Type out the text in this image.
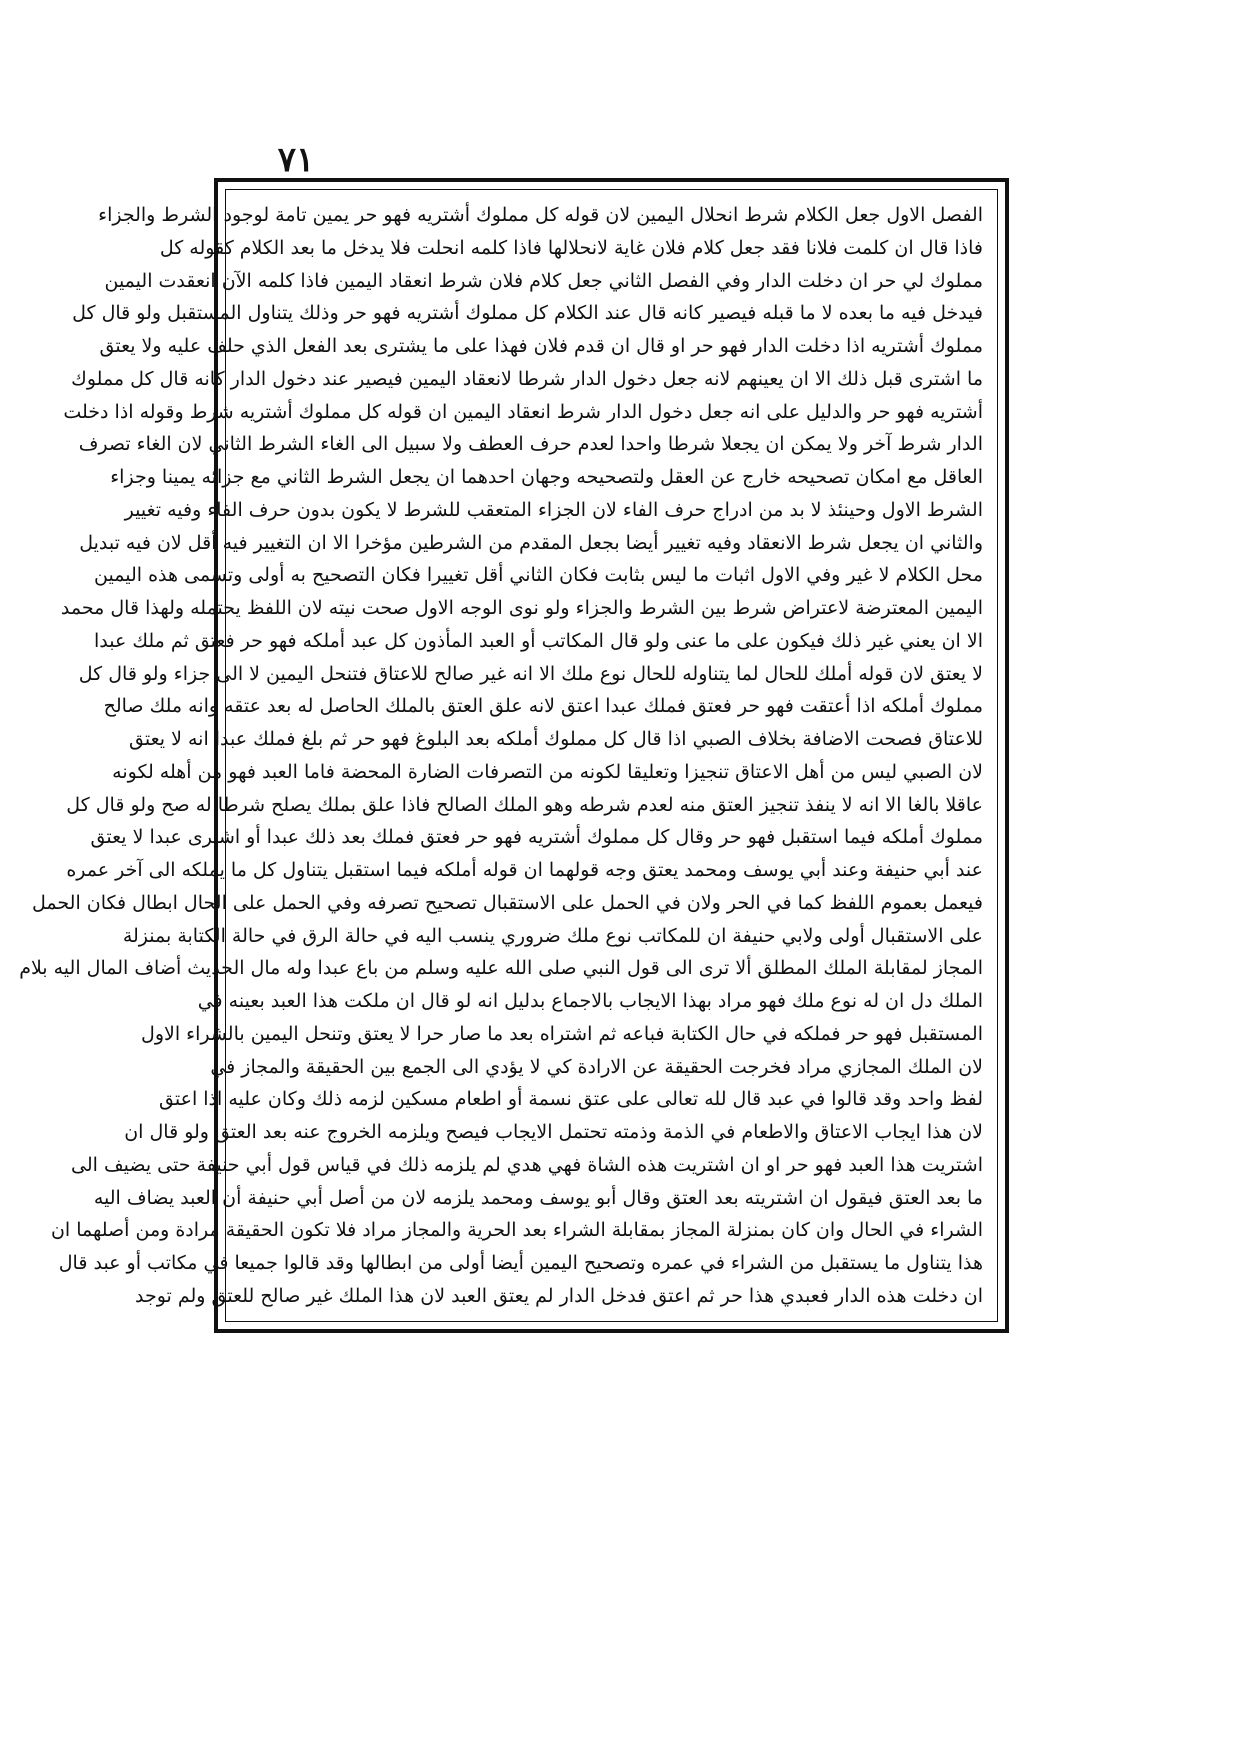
٧١
الفصل الاول جعل الكلام شرط انحلال اليمين لان قوله كل مملوك أشتريه فهو حر يمين تامة لوجود الشرط والجزاء
فاذا قال ان كلمت فلانا فقد جعل كلام فلان غاية لانحلالها فاذا كلمه انحلت فلا يدخل ما بعد الكلام كقوله كل
مملوك لي حر ان دخلت الدار وفي الفصل الثاني جعل كلام فلان شرط انعقاد اليمين فاذا كلمه الآن انعقدت اليمين
فيدخل فيه ما بعده لا ما قبله فيصير كانه قال عند الكلام كل مملوك أشتريه فهو حر وذلك يتناول المستقبل ولو قال كل
مملوك أشتريه اذا دخلت الدار فهو حر او قال ان قدم فلان فهذا على ما يشترى بعد الفعل الذي حلف عليه ولا يعتق
ما اشترى قبل ذلك الا ان يعينهم لانه جعل دخول الدار شرطا لانعقاد اليمين فيصير عند دخول الدار كانه قال كل مملوك
أشتريه فهو حر والدليل على انه جعل دخول الدار شرط انعقاد اليمين ان قوله كل مملوك أشتريه شرط وقوله اذا دخلت
الدار شرط آخر ولا يمكن ان يجعلا شرطا واحدا لعدم حرف العطف ولا سبيل الى الغاء الشرط الثاني لان الغاء تصرف
العاقل مع امكان تصحيحه خارج عن العقل ولتصحيحه وجهان احدهما ان يجعل الشرط الثاني مع جزائه يمينا وجزاء
الشرط الاول وحينئذ لا بد من ادراج حرف الفاء لان الجزاء المتعقب للشرط لا يكون بدون حرف الفاء وفيه تغيير
والثاني ان يجعل شرط الانعقاد وفيه تغيير أيضا بجعل المقدم من الشرطين مؤخرا الا ان التغيير فيه أقل لان فيه تبديل
محل الكلام لا غير وفي الاول اثبات ما ليس بثابت فكان الثاني أقل تغييرا فكان التصحيح به أولى وتسمى هذه اليمين
اليمين المعترضة لاعتراض شرط بين الشرط والجزاء ولو نوى الوجه الاول صحت نيته لان اللفظ يحتمله ولهذا قال محمد
الا ان يعني غير ذلك فيكون على ما عنى ولو قال المكاتب أو العبد المأذون كل عبد أملكه فهو حر فعتق ثم ملك عبدا
لا يعتق لان قوله أملك للحال لما يتناوله للحال نوع ملك الا انه غير صالح للاعتاق فتنحل اليمين لا الى جزاء ولو قال كل
مملوك أملكه اذا أعتقت فهو حر فعتق فملك عبدا اعتق لانه علق العتق بالملك الحاصل له بعد عتقه وانه ملك صالح
للاعتاق فصحت الاضافة بخلاف الصبي اذا قال كل مملوك أملكه بعد البلوغ فهو حر ثم بلغ فملك عبدا انه لا يعتق
لان الصبي ليس من أهل الاعتاق تنجيزا وتعليقا لكونه من التصرفات الضارة المحضة فاما العبد فهو من أهله لكونه
عاقلا بالغا الا انه لا ينفذ تنجيز العتق منه لعدم شرطه وهو الملك الصالح فاذا علق بملك يصلح شرطا له صح ولو قال كل
مملوك أملكه فيما استقبل فهو حر وقال كل مملوك أشتريه فهو حر فعتق فملك بعد ذلك عبدا أو اشترى عبدا لا يعتق
عند أبي حنيفة وعند أبي يوسف ومحمد يعتق وجه قولهما ان قوله أملكه فيما استقبل يتناول كل ما يملكه الى آخر عمره
فيعمل بعموم اللفظ كما في الحر ولان في الحمل على الاستقبال تصحيح تصرفه وفي الحمل على الحال ابطال فكان الحمل
على الاستقبال أولى ولابي حنيفة ان للمكاتب نوع ملك ضروري ينسب اليه في حالة الرق في حالة الكتابة بمنزلة
المجاز لمقابلة الملك المطلق ألا ترى الى قول النبي صلى الله عليه وسلم من باع عبدا وله مال الحديث أضاف المال اليه بلام
الملك دل ان له نوع ملك فهو مراد بهذا الايجاب بالاجماع بدليل انه لو قال ان ملكت هذا العبد بعينه في
المستقبل فهو حر فملكه في حال الكتابة فباعه ثم اشتراه بعد ما صار حرا لا يعتق وتنحل اليمين بالشراء الاول
لان الملك المجازي مراد فخرجت الحقيقة عن الارادة كي لا يؤدي الى الجمع بين الحقيقة والمجاز في
لفظ واحد وقد قالوا في عبد قال لله تعالى على عتق نسمة أو اطعام مسكين لزمه ذلك وكان عليه اذا اعتق
لان هذا ايجاب الاعتاق والاطعام في الذمة وذمته تحتمل الايجاب فيصح ويلزمه الخروج عنه بعد العتق ولو قال ان
اشتريت هذا العبد فهو حر او ان اشتريت هذه الشاة فهي هدي لم يلزمه ذلك في قياس قول أبي حنيفة حتى يضيف الى
ما بعد العتق فيقول ان اشتريته بعد العتق وقال أبو يوسف ومحمد يلزمه لان من أصل أبي حنيفة أن العبد يضاف اليه
الشراء في الحال وان كان بمنزلة المجاز بمقابلة الشراء بعد الحرية والمجاز مراد فلا تكون الحقيقة مرادة ومن أصلهما ان
هذا يتناول ما يستقبل من الشراء في عمره وتصحيح اليمين أيضا أولى من ابطالها وقد قالوا جميعا في مكاتب أو عبد قال
ان دخلت هذه الدار فعبدي هذا حر ثم اعتق فدخل الدار لم يعتق العبد لان هذا الملك غير صالح للعتق ولم توجد
